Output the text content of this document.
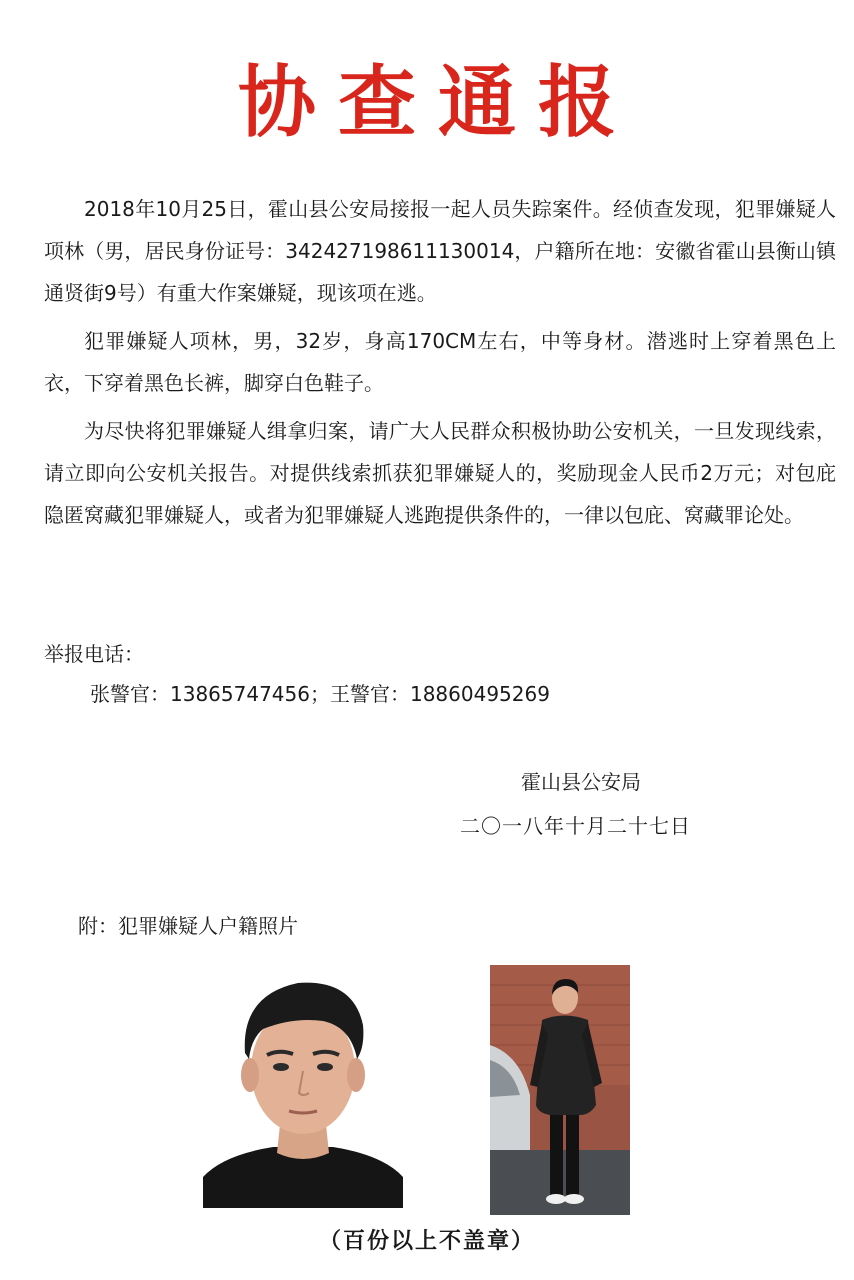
协查通报

2018年10月25日，霍山县公安局接报一起人员失踪案件。经侦查发现，犯罪嫌疑人项林（男，居民身份证号：342427198611130014，户籍所在地：安徽省霍山县衡山镇通贤街9号）有重大作案嫌疑，现该项在逃。

犯罪嫌疑人项林，男，32岁，身高170CM左右，中等身材。潜逃时上穿着黑色上衣，下穿着黑色长裤，脚穿白色鞋子。

为尽快将犯罪嫌疑人缉拿归案，请广大人民群众积极协助公安机关，一旦发现线索，请立即向公安机关报告。对提供线索抓获犯罪嫌疑人的，奖励现金人民币2万元；对包庇隐匿窝藏犯罪嫌疑人，或者为犯罪嫌疑人逃跑提供条件的，一律以包庇、窝藏罪论处。

举报电话：
张警官：13865747456；王警官：18860495269
霍山县公安局
二〇一八年十月二十七日
附：犯罪嫌疑人户籍照片
（百份以上不盖章）
